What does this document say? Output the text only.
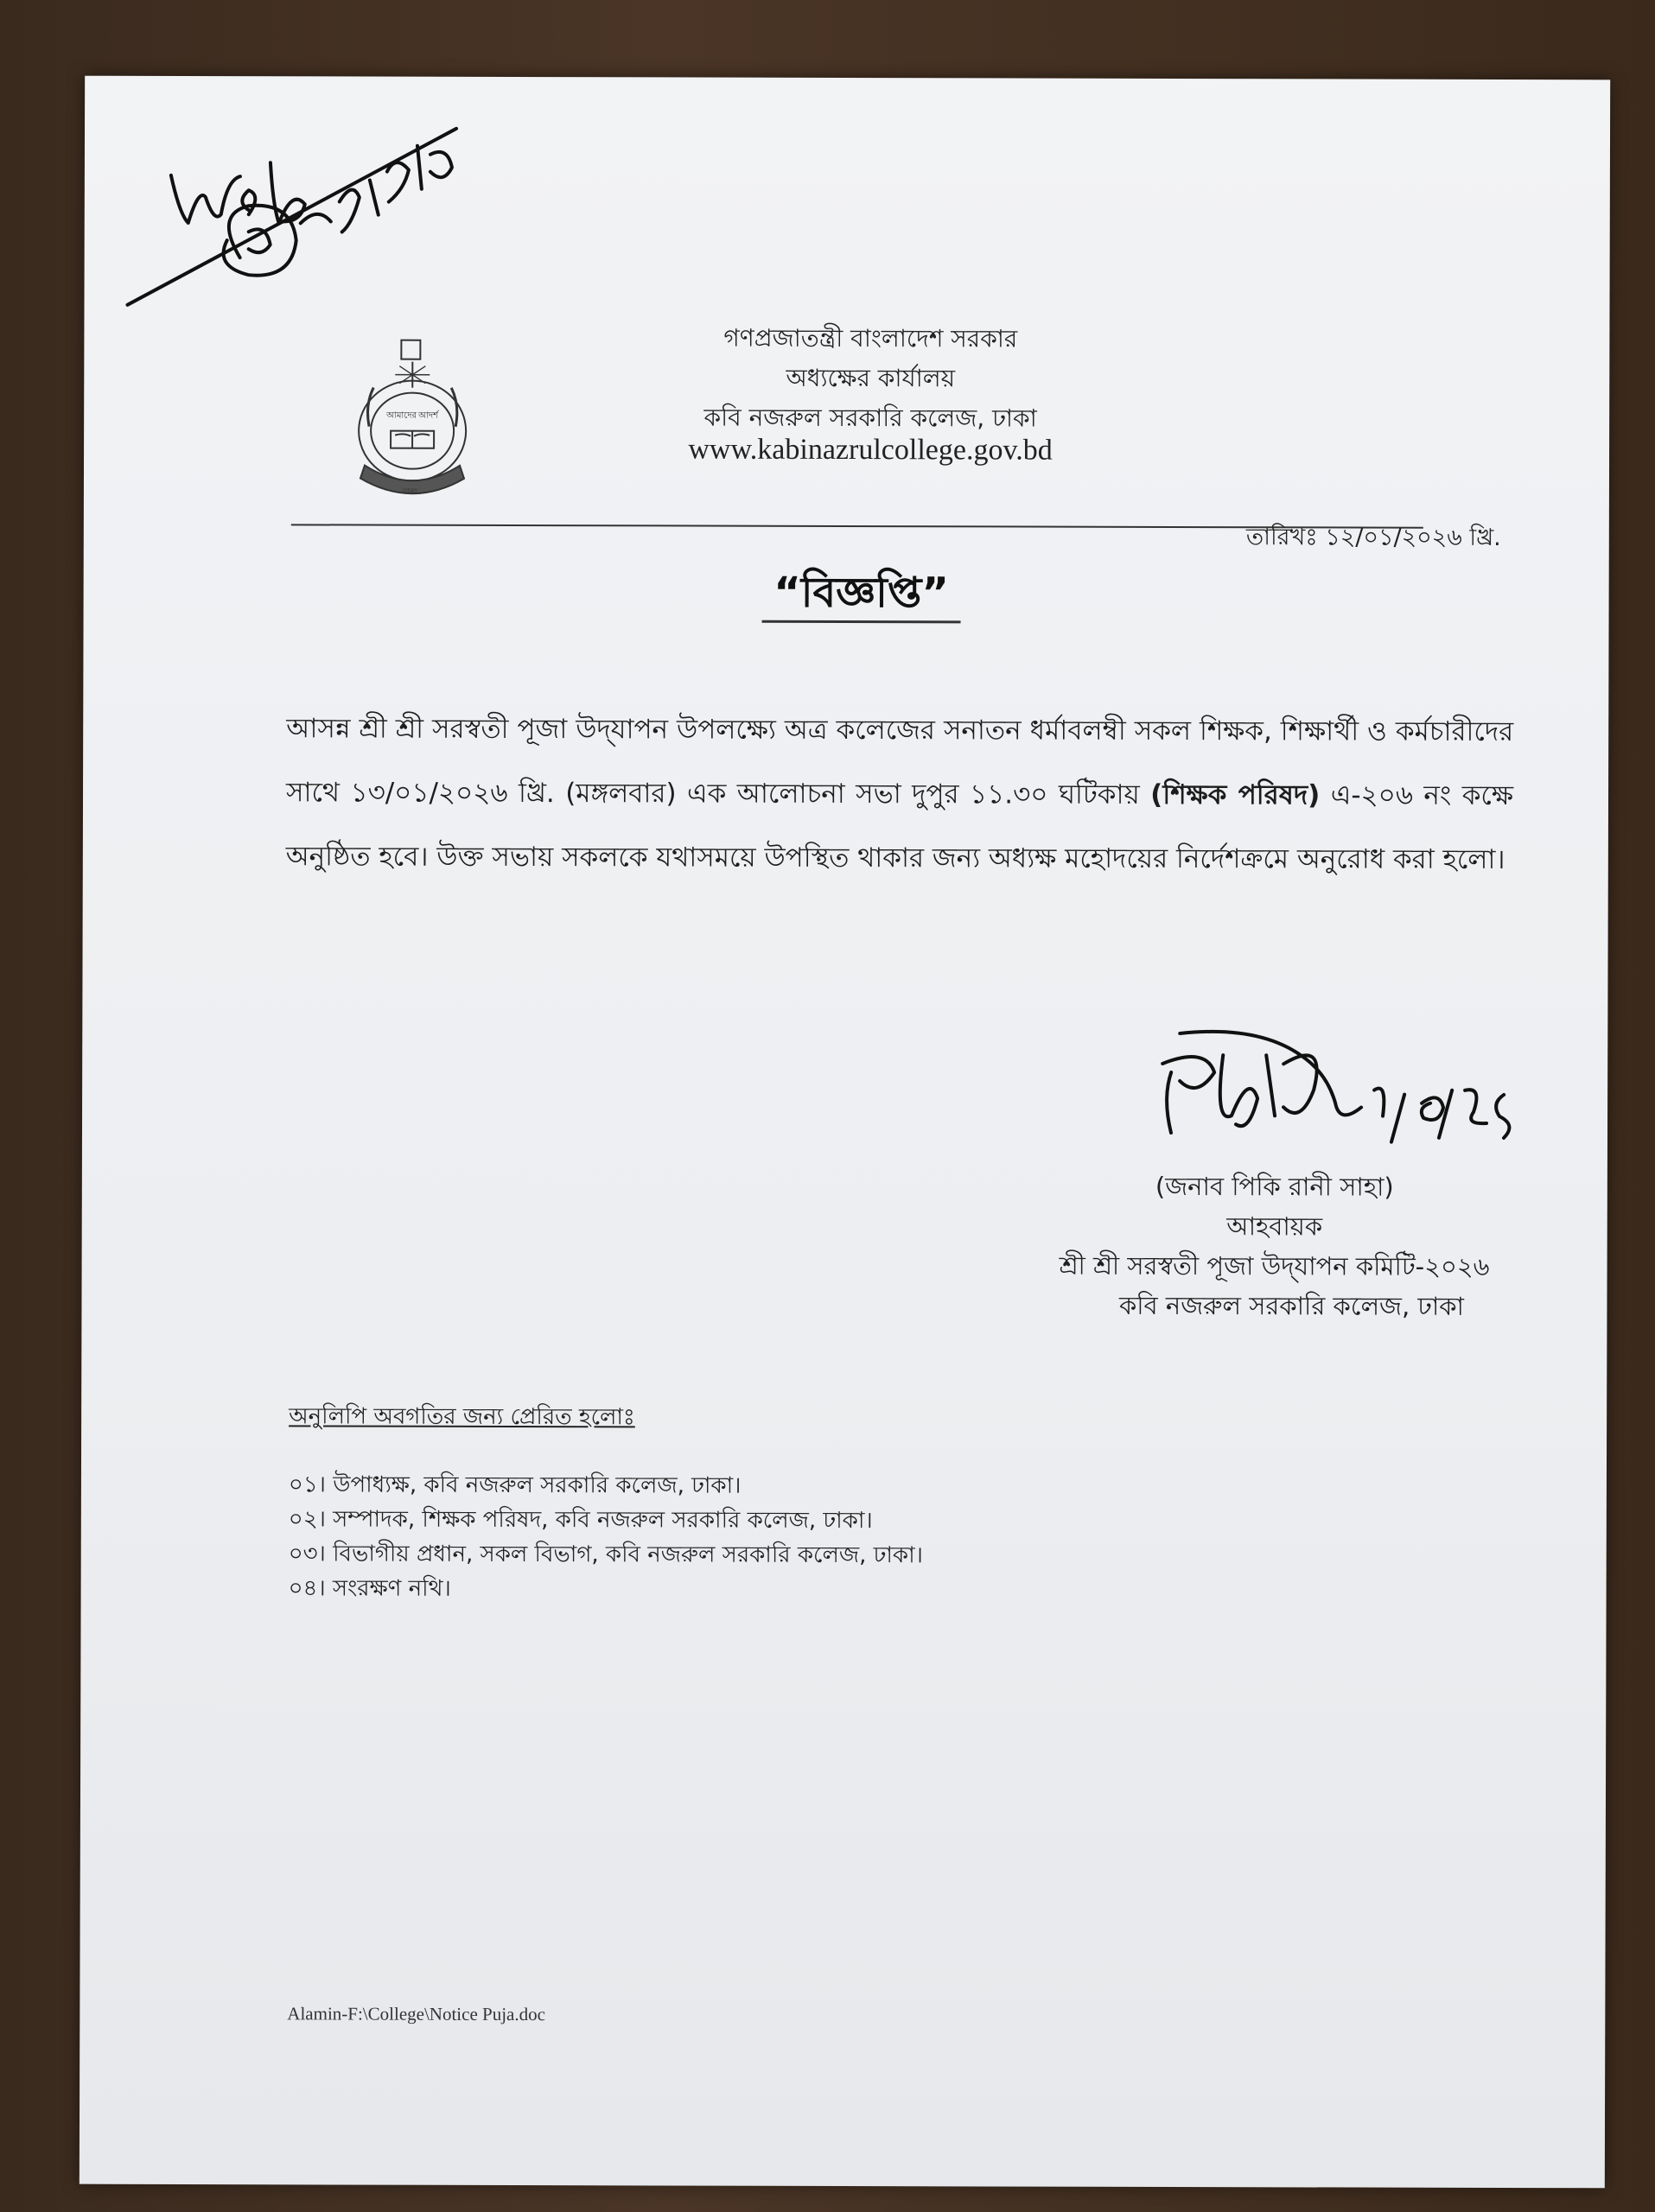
আমাদের আদর্শ
ঢাকা
গণপ্রজাতন্ত্রী বাংলাদেশ সরকার
অধ্যক্ষের কার্যালয়
কবি নজরুল সরকারি কলেজ, ঢাকা
www.kabinazrulcollege.gov.bd
তারিখঃ ১২/০১/২০২৬ খ্রি.
“বিজ্ঞপ্তি”
আসন্ন শ্রী শ্রী সরস্বতী পূজা উদ্‌যাপন উপলক্ষ্যে অত্র কলেজের সনাতন ধর্মাবলম্বী সকল শিক্ষক, শিক্ষার্থী ও কর্মচারীদের সাথে ১৩/০১/২০২৬ খ্রি. (মঙ্গলবার) এক আলোচনা সভা দুপুর ১১.৩০ ঘটিকায় (শিক্ষক পরিষদ) এ-২০৬ নং কক্ষে অনুষ্ঠিত হবে। উক্ত সভায় সকলকে যথাসময়ে উপস্থিত থাকার জন্য অধ্যক্ষ মহোদয়ের নির্দেশক্রমে অনুরোধ করা হলো।
(জনাব পিকি রানী সাহা)
আহবায়ক
শ্রী শ্রী সরস্বতী পূজা উদ্‌যাপন কমিটি-২০২৬
কবি নজরুল সরকারি কলেজ, ঢাকা
অনুলিপি অবগতির জন্য প্রেরিত হলোঃ
০১। উপাধ্যক্ষ, কবি নজরুল সরকারি কলেজ, ঢাকা।
০২। সম্পাদক, শিক্ষক পরিষদ, কবি নজরুল সরকারি কলেজ, ঢাকা।
০৩। বিভাগীয় প্রধান, সকল বিভাগ, কবি নজরুল সরকারি কলেজ, ঢাকা।
০৪। সংরক্ষণ নথি।
Alamin-F:\College\Notice Puja.doc
